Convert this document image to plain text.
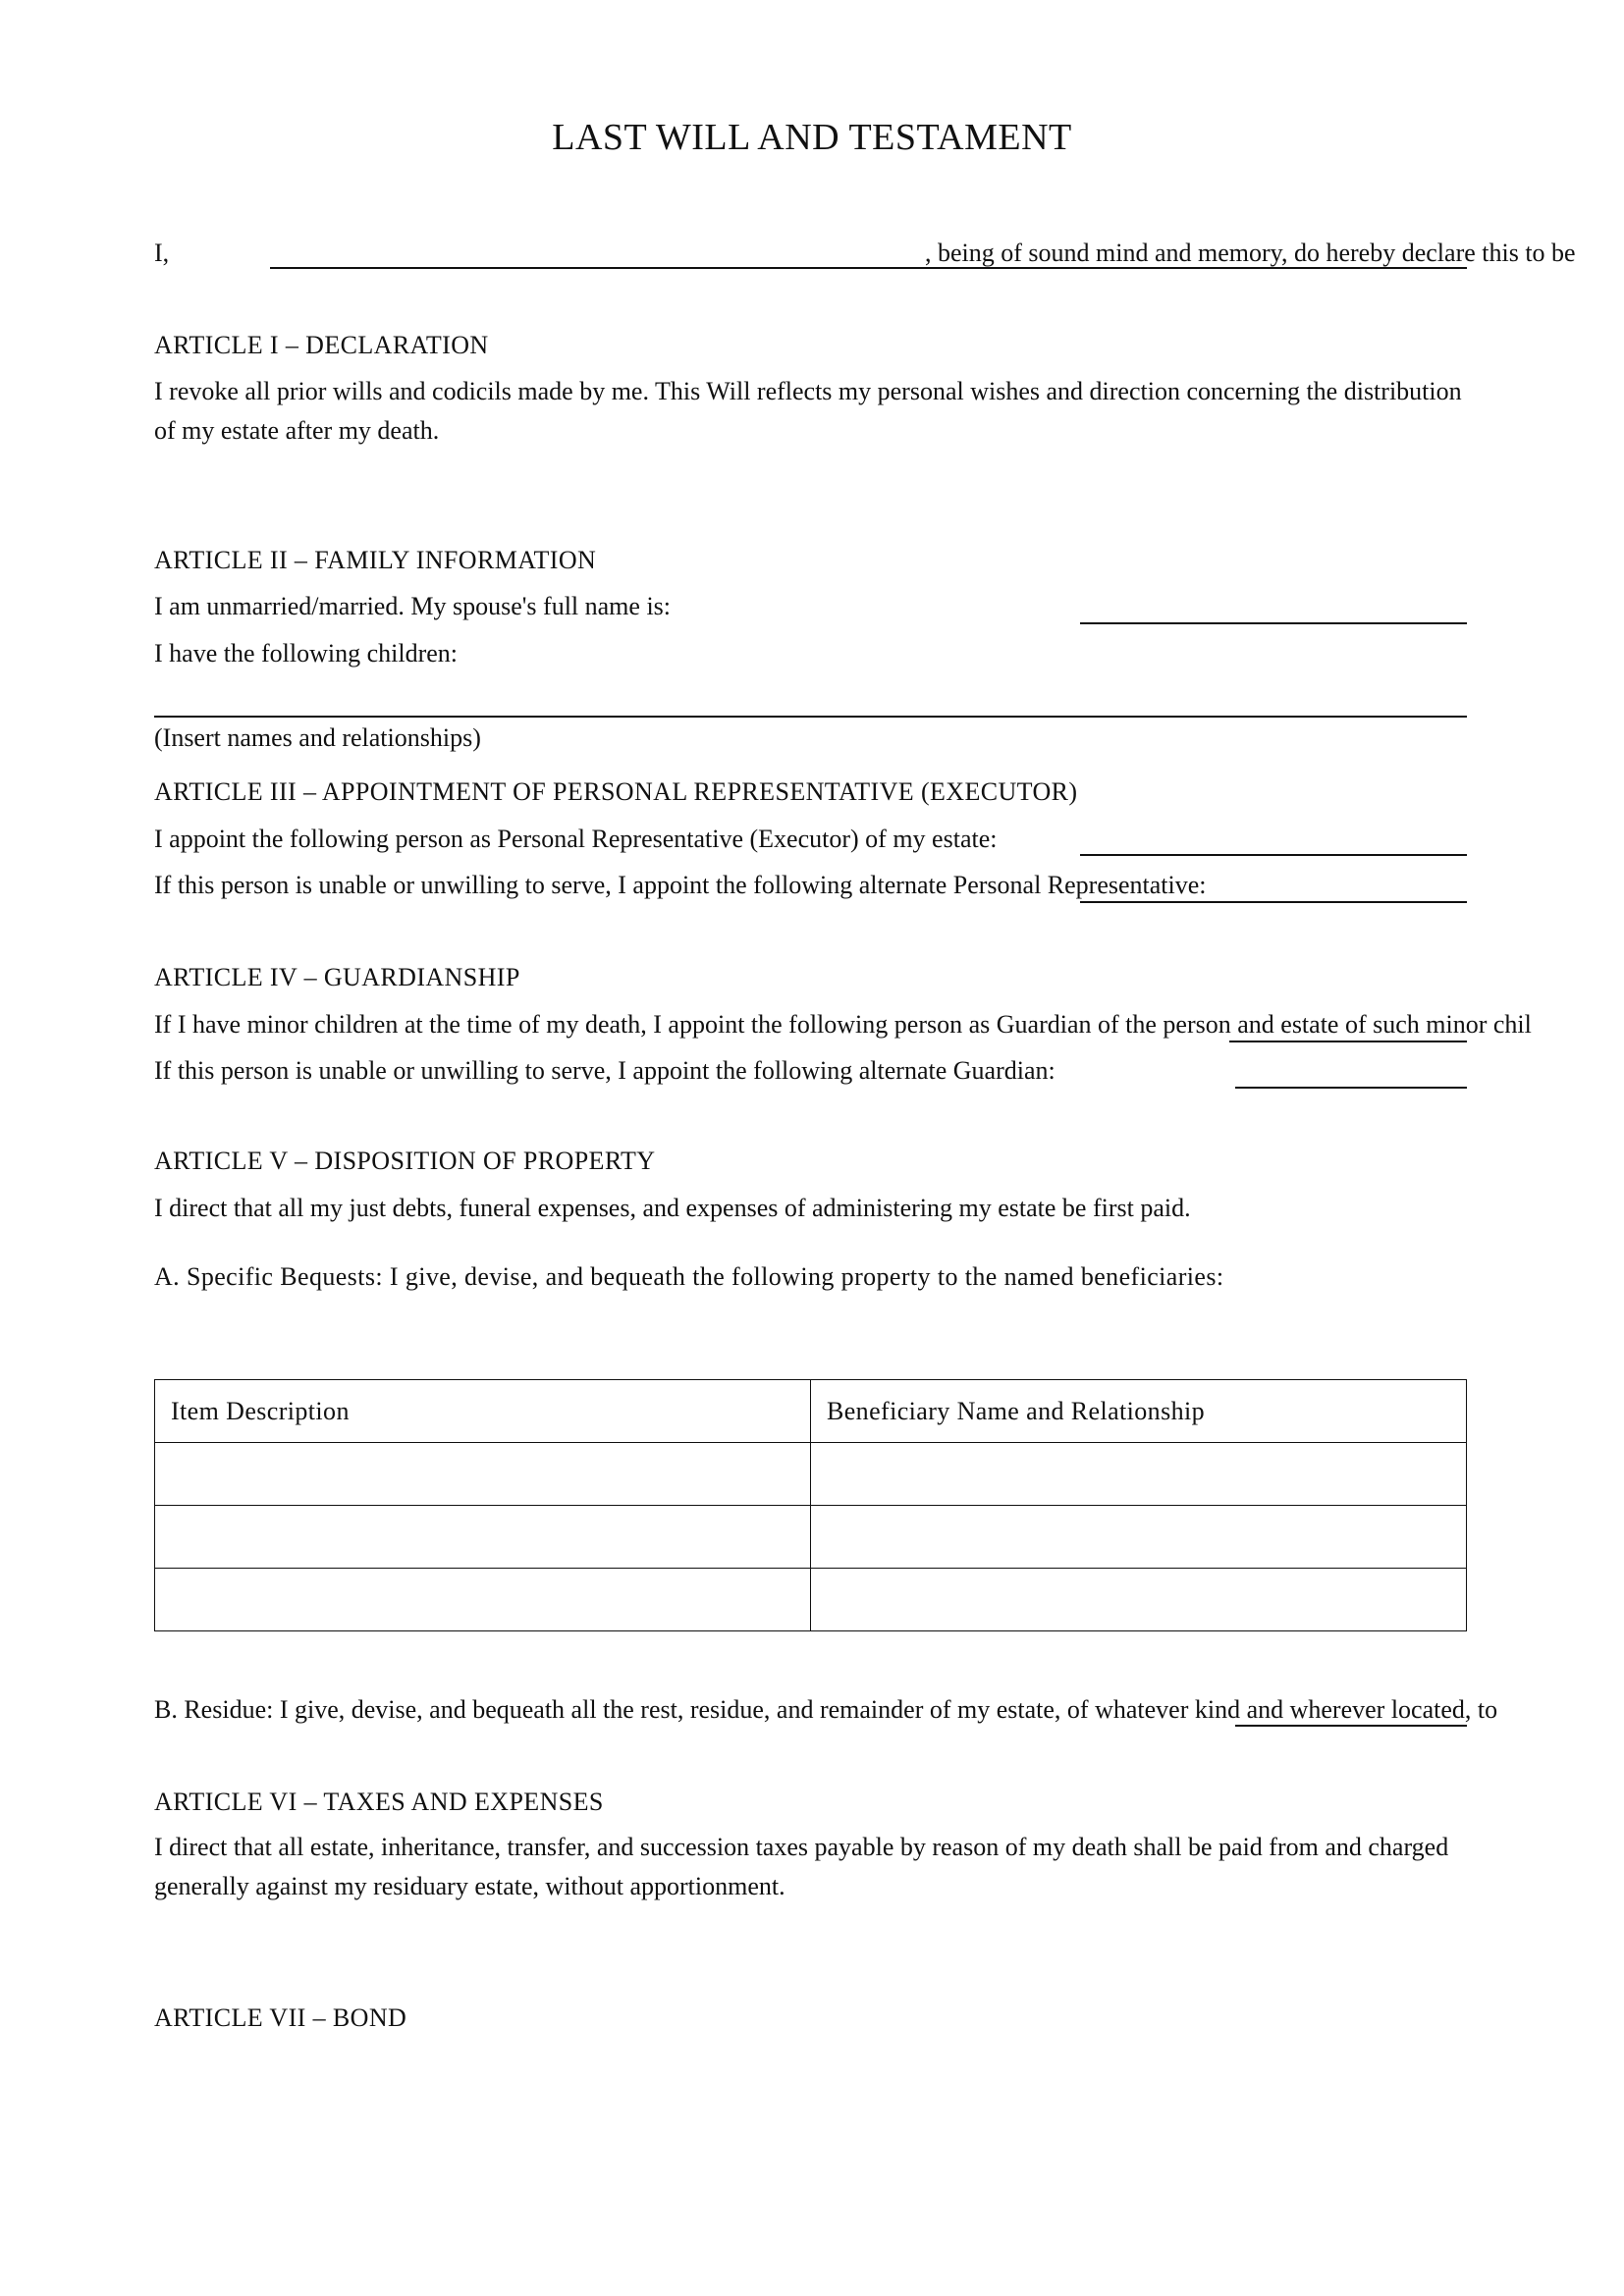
LAST WILL AND TESTAMENT
I,	, being of sound mind and memory, do hereby declare this to be
ARTICLE I – DECLARATION
I revoke all prior wills and codicils made by me. This Will reflects my personal wishes and direction concerning the distribution of my estate after my death.
ARTICLE II – FAMILY INFORMATION
I am unmarried/married. My spouse's full name is:
I have the following children:
(Insert names and relationships)
ARTICLE III – APPOINTMENT OF PERSONAL REPRESENTATIVE (EXECUTOR)
I appoint the following person as Personal Representative (Executor) of my estate:
If this person is unable or unwilling to serve, I appoint the following alternate Personal Representative:
ARTICLE IV – GUARDIANSHIP
If I have minor children at the time of my death, I appoint the following person as Guardian of the person and estate of such minor chil
If this person is unable or unwilling to serve, I appoint the following alternate Guardian:
ARTICLE V – DISPOSITION OF PROPERTY
I direct that all my just debts, funeral expenses, and expenses of administering my estate be first paid.
A. Specific Bequests: I give, devise, and bequeath the following property to the named beneficiaries:
Item Description	Beneficiary Name and Relationship

B. Residue: I give, devise, and bequeath all the rest, residue, and remainder of my estate, of whatever kind and wherever located, to
ARTICLE VI – TAXES AND EXPENSES
I direct that all estate, inheritance, transfer, and succession taxes payable by reason of my death shall be paid from and charged generally against my residuary estate, without apportionment.
ARTICLE VII – BOND
